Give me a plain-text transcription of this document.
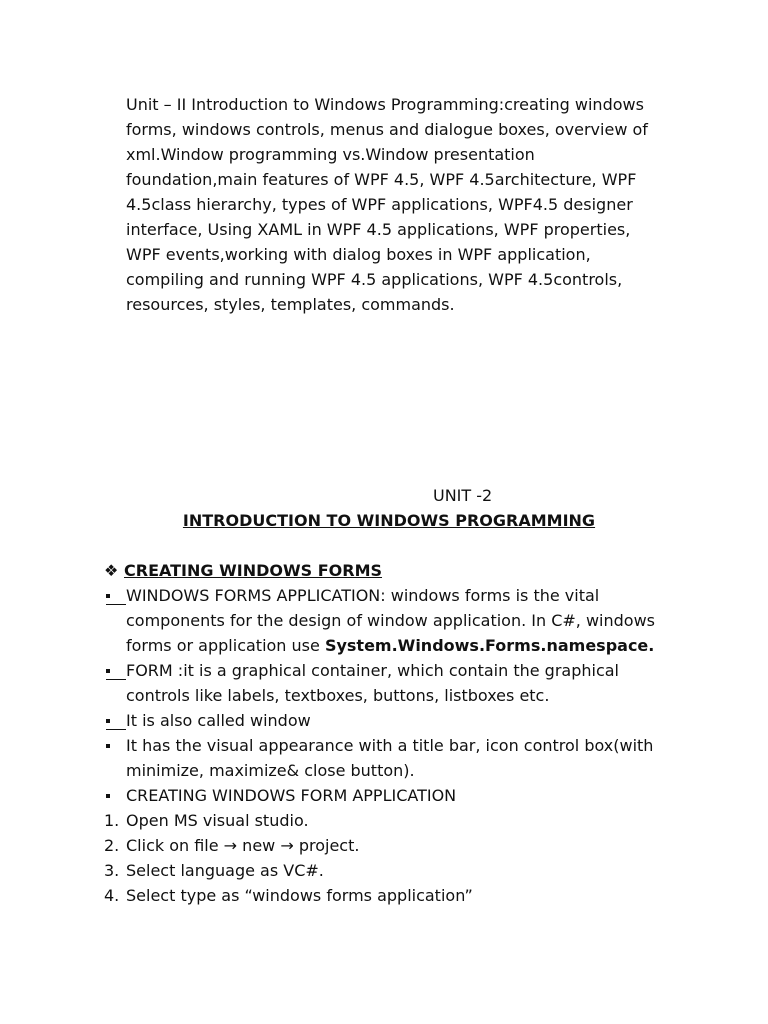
Unit – II Introduction to Windows Programming:creating windows forms, windows controls, menus and dialogue boxes, overview of xml.Window programming vs.Window presentation foundation,main features of WPF 4.5, WPF 4.5architecture, WPF 4.5class hierarchy, types of WPF applications, WPF4.5 designer interface, Using XAML in WPF 4.5 applications, WPF properties, WPF events,working with dialog boxes in WPF application, compiling and running WPF 4.5 applications, WPF 4.5controls, resources, styles, templates, commands.

UNIT -2

INTRODUCTION TO WINDOWS PROGRAMMING

❖ CREATING WINDOWS FORMS

WINDOWS FORMS APPLICATION: windows forms is the vital components for the design of window application. In C#, windows forms or application use System.Windows.Forms.namespace.
FORM :it is a graphical container, which contain the graphical controls like labels, textboxes, buttons, listboxes etc.
It is also called window
It has the visual appearance with a title bar, icon control box(with minimize, maximize& close button).
CREATING WINDOWS FORM APPLICATION
1. Open MS visual studio.
2. Click on file → new → project.
3. Select language as VC#.
4. Select type as “windows forms application”
